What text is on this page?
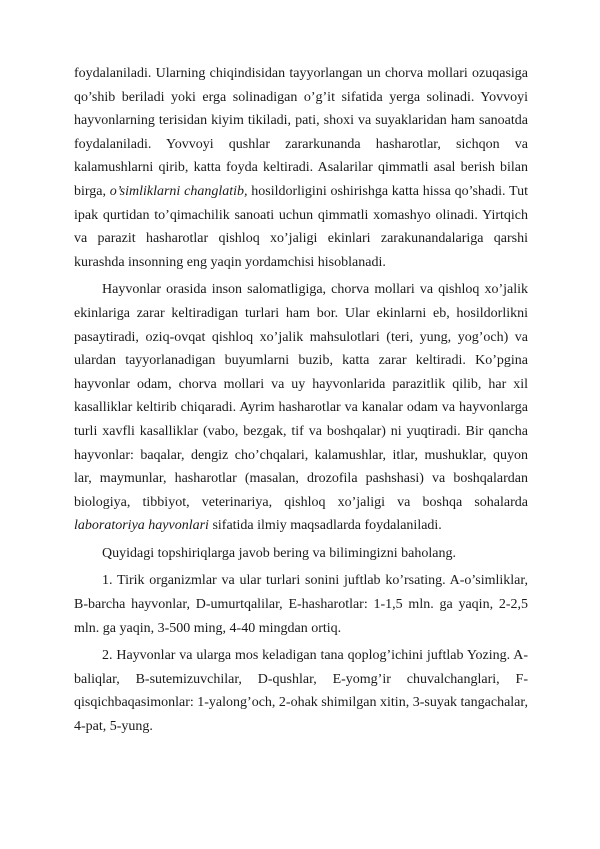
foydalaniladi. Ularning chiqindisidan tayyorlangan un chorva mollari ozuqasiga qo’shib beriladi yoki erga solinadigan o’g’it sifatida yerga solinadi. Yovvoyi hayvonlarning terisidan kiyim tikiladi, pati, shoxi va suyaklaridan ham sanoatda foydalaniladi. Yovvoyi qushlar zararkunanda hasharotlar, sichqon va kalamushlarni qirib, katta foyda keltiradi. Asalarilar qimmatli asal berish bilan birga, o’simliklarni changlatib, hosildorligini oshirishga katta hissa qo’shadi. Tut ipak qurtidan to’qimachilik sanoati uchun qimmatli xomashyo olinadi. Yirtqich va parazit hasharotlar qishloq xo’jaligi ekinlari zarakunandalariga qarshi kurashda insonning eng yaqin yordamchisi hisoblanadi.

Hayvonlar orasida inson salomatligiga, chorva mollari va qishloq xo’jalik ekinlariga zarar keltiradigan turlari ham bor. Ular ekinlarni eb, hosildorlikni pasaytiradi, oziq-ovqat qishloq xo’jalik mahsulotlari (teri, yung, yog’och) va ulardan tayyorlanadigan buyumlarni buzib, katta zarar keltiradi. Ko’pgina hayvonlar odam, chorva mollari va uy hayvonlarida parazitlik qilib, har xil kasalliklar keltirib chiqaradi. Ayrim hasharotlar va kanalar odam va hayvonlarga turli xavfli kasalliklar (vabo, bezgak, tif va boshqalar) ni yuqtiradi. Bir qancha hayvonlar: baqalar, dengiz cho’chqalari, kalamushlar, itlar, mushuklar, quyon lar, maymunlar, hasharotlar (masalan, drozofila pashshasi) va boshqalardan biologiya, tibbiyot, veterinariya, qishloq xo’jaligi va boshqa sohalarda laboratoriya hayvonlari sifatida ilmiy maqsadlarda foydalaniladi.

Quyidagi topshiriqlarga javob bering va bilimingizni baholang.

1. Tirik organizmlar va ular turlari sonini juftlab ko’rsating. A-o’simliklar, B-barcha hayvonlar, D-umurtqalilar, E-hasharotlar: 1-1,5 mln. ga yaqin, 2-2,5 mln. ga yaqin, 3-500 ming, 4-40 mingdan ortiq.

2. Hayvonlar va ularga mos keladigan tana qoplog’ichini juftlab Yozing. A-baliqlar, B-sutemizuvchilar, D-qushlar, E-yomg’ir chuvalchanglari, F-qisqichbaqasimonlar: 1-yalong’och, 2-ohak shimilgan xitin, 3-suyak tangachalar, 4-pat, 5-yung.
